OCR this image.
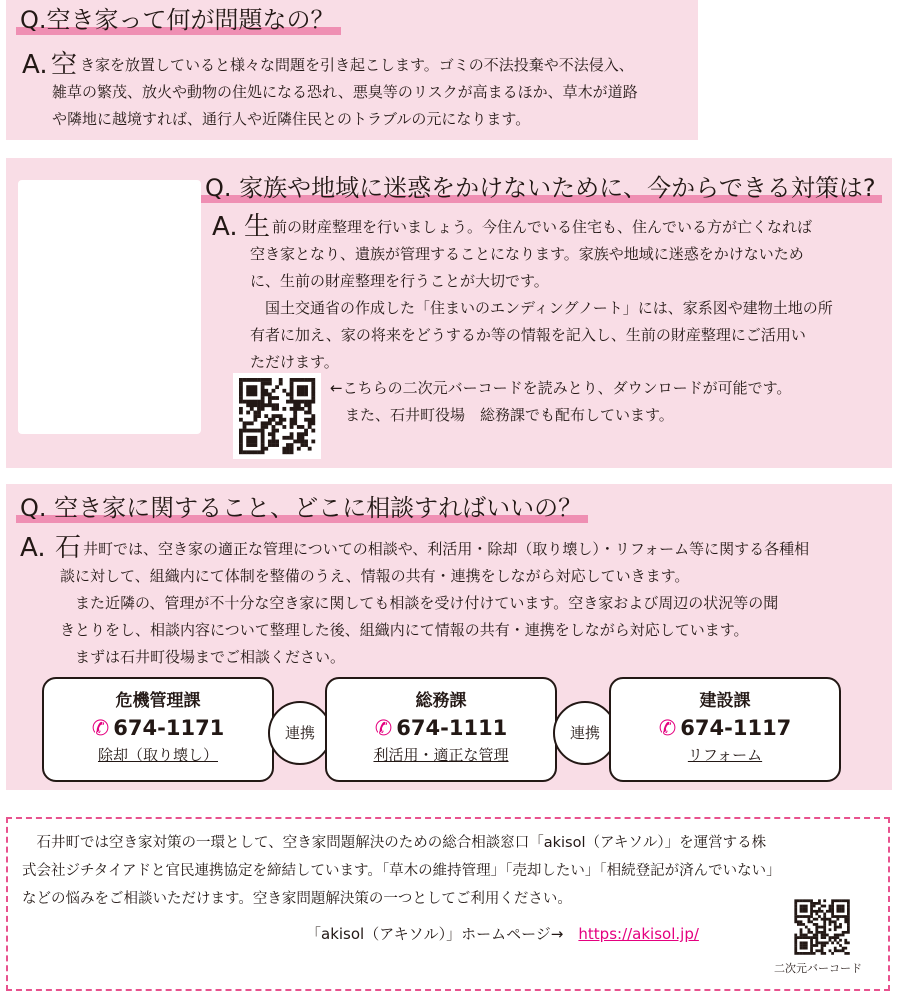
Q.空き家って何が問題なの？
A. 空 き家を放置していると様々な問題を引き起こします。ゴミの不法投棄や不法侵入、

雑草の繁茂、放火や動物の住処になる恐れ、悪臭等のリスクが高まるほか、草木が道路

や隣地に越境すれば、通行人や近隣住民とのトラブルの元になります。

Q. 家族や地域に迷惑をかけないために、今からできる対策は?
A. 生 前の財産整理を行いましょう。今住んでいる住宅も、住んでいる方が亡くなれば

空き家となり、遺族が管理することになります。家族や地域に迷惑をかけないため

に、生前の財産整理を行うことが大切です。

　国土交通省の作成した「住まいのエンディングノート」には、家系図や建物土地の所

有者に加え、家の将来をどうするか等の情報を記入し、生前の財産整理にご活用い

ただけます。

←こちらの二次元バーコードを読みとり、ダウンロードが可能です。

また、石井町役場　総務課でも配布しています。

Q. 空き家に関すること、どこに相談すればいいの？
A. 石 井町では、空き家の適正な管理についての相談や、利活用・除却（取り壊し）・リフォーム等に関する各種相

談に対して、組織内にて体制を整備のうえ、情報の共有・連携をしながら対応していきます。

　また近隣の、管理が不十分な空き家に関しても相談を受け付けています。空き家および周辺の状況等の聞

きとりをし、相談内容について整理した後、組織内にて情報の共有・連携をしながら対応しています。

　まずは石井町役場までご相談ください。

危機管理課
✆ 674-1171
除却（取り壊し）
連携
総務課
✆ 674-1111
利活用・適正な管理
連携
建設課
✆ 674-1117
リフォーム

　石井町では空き家対策の一環として、空き家問題解決のための総合相談窓口「akisol（アキソル）」を運営する株

式会社ジチタイアドと官民連携協定を締結しています。「草木の維持管理」「売却したい」「相続登記が済んでいない」

などの悩みをご相談いただけます。空き家問題解決策の一つとしてご利用ください。

「akisol（アキソル）」ホームページ→　 https://akisol.jp/

二次元バーコード
